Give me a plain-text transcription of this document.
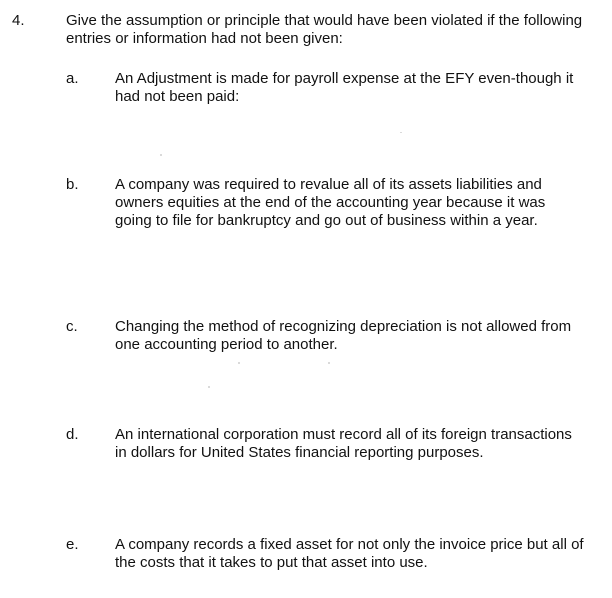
4.	Give the assumption or principle that would have been violated if the following entries or information had not been given:
a. An Adjustment is made for payroll expense at the EFY even-though it had not been paid:
b. A company was required to revalue all of its assets liabilities and owners equities at the end of the accounting year because it was going to file for bankruptcy and go out of business within a year.
c. Changing the method of recognizing depreciation is not allowed from one accounting period to another.
d. An international corporation must record all of its foreign transactions in dollars for United States financial reporting purposes.
e. A company records a fixed asset for not only the invoice price but all of the costs that it takes to put that asset into use.
